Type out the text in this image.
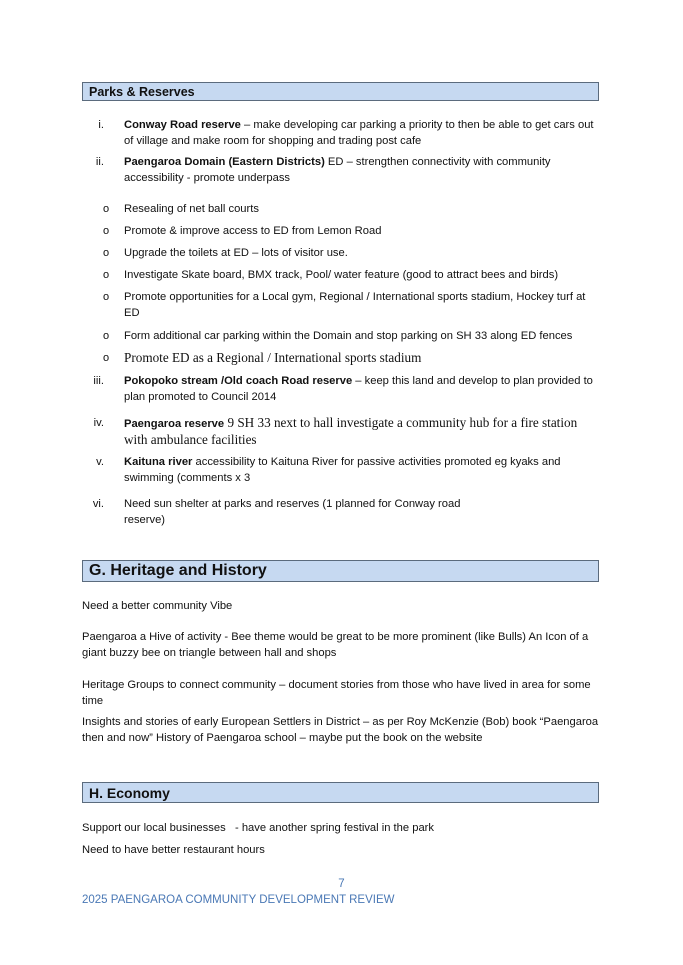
Parks & Reserves
i. Conway Road reserve – make developing car parking a priority to then be able to get cars out of village and make room for shopping and trading post cafe
ii. Paengaroa Domain (Eastern Districts) ED – strengthen connectivity with community accessibility - promote underpass
o Resealing of net ball courts
o Promote & improve access to ED from Lemon Road
o Upgrade the toilets at ED – lots of visitor use.
o Investigate Skate board, BMX track, Pool/ water feature (good to attract bees and birds)
o Promote opportunities for a Local gym, Regional / International sports stadium, Hockey turf at ED
o Form additional car parking within the Domain and stop parking on SH 33 along ED fences
o Promote ED as a Regional / International sports stadium
iii. Pokopoko stream /Old coach Road reserve – keep this land and develop to plan provided to plan promoted to Council 2014
iv. Paengaroa reserve 9 SH 33 next to hall investigate a community hub for a fire station with ambulance facilities
v. Kaituna river accessibility to Kaituna River for passive activities promoted eg kyaks and swimming (comments x 3
vi. Need sun shelter at parks and reserves (1 planned for Conway road reserve)
G. Heritage and History
Need a better community Vibe
Paengaroa a Hive of activity - Bee theme would be great to be more prominent (like Bulls) An Icon of a giant buzzy bee on triangle between hall and shops
Heritage Groups to connect community – document stories from those who have lived in area for some time
Insights and stories of early European Settlers in District – as per Roy McKenzie (Bob) book “Paengaroa then and now” History of Paengaroa school – maybe put the book on the website
H. Economy
Support our local businesses   - have another spring festival in the park
Need to have better restaurant hours
7
2025 PAENGAROA COMMUNITY DEVELOPMENT REVIEW
